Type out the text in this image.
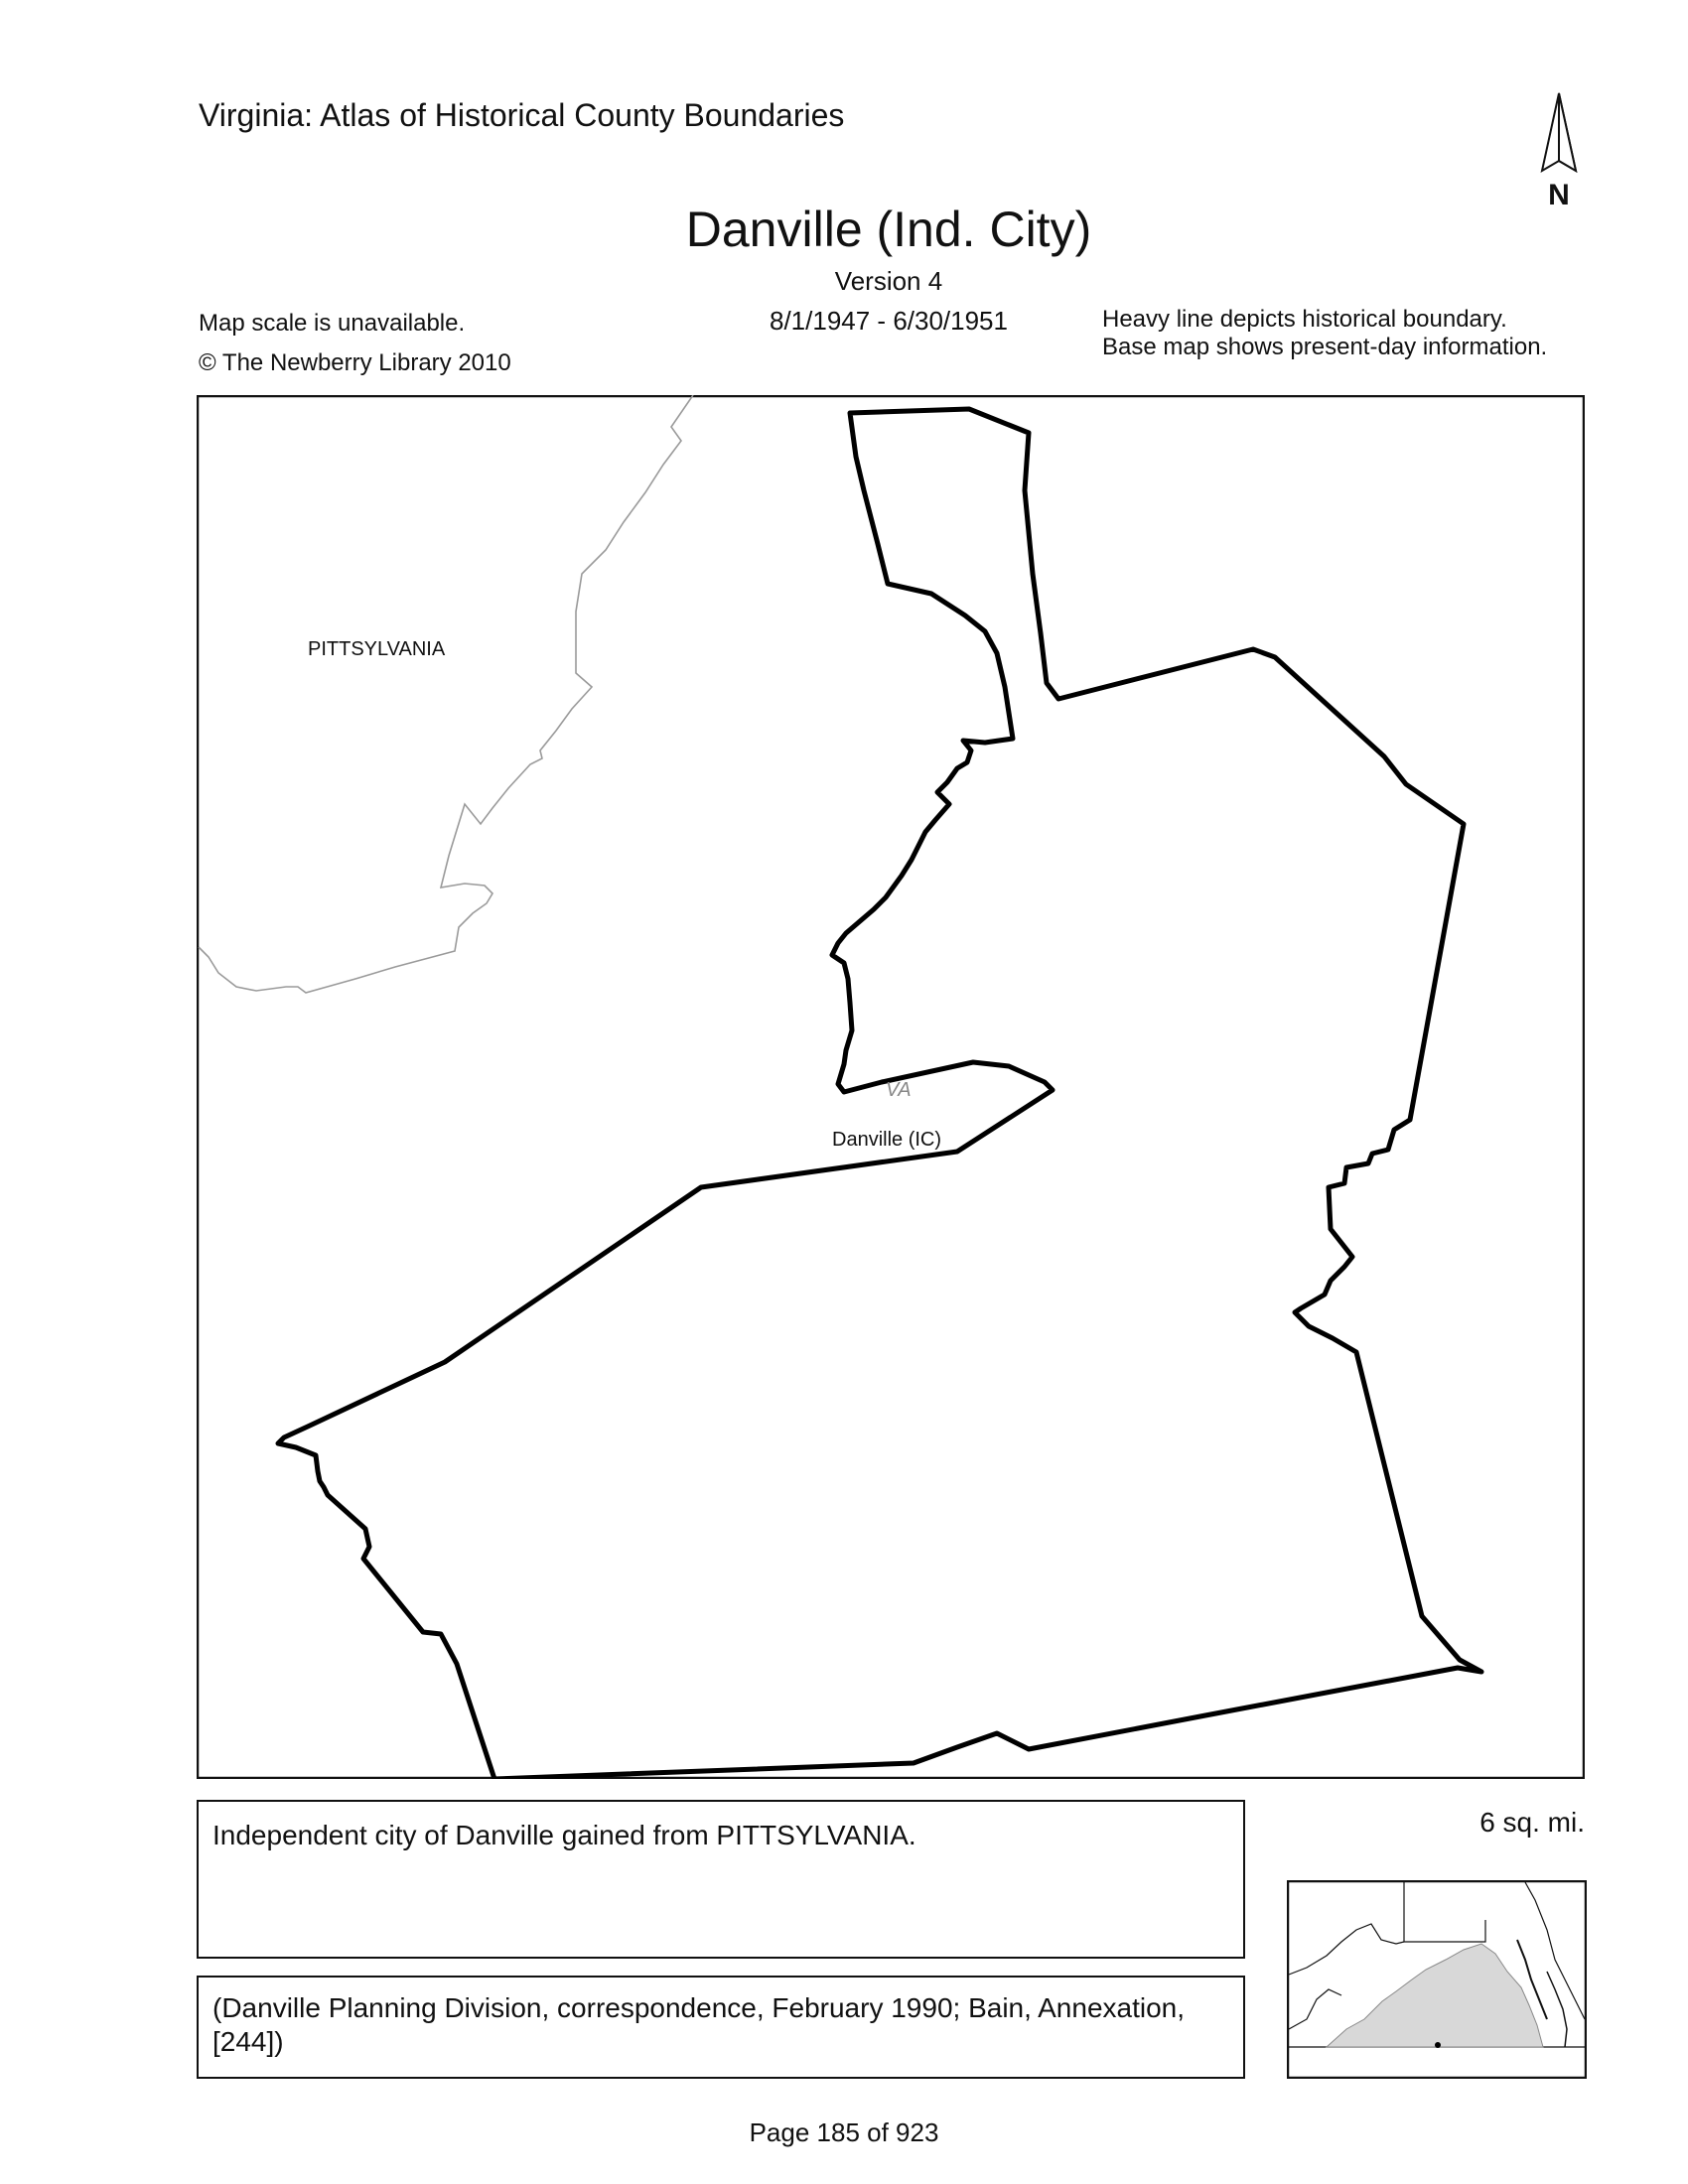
Virginia: Atlas of Historical County Boundaries
N
Danville (Ind. City)
Version 4
8/1/1947 - 6/30/1951
Map scale is unavailable.
© The Newberry Library 2010
Heavy line depicts historical boundary.
Base map shows present-day information.
PITTSYLVANIA
VA
Danville (IC)
Independent city of Danville gained from PITTSYLVANIA.	6 sq. mi.
(Danville Planning Division, correspondence, February 1990; Bain, Annexation, [244])
Page 185 of 923
